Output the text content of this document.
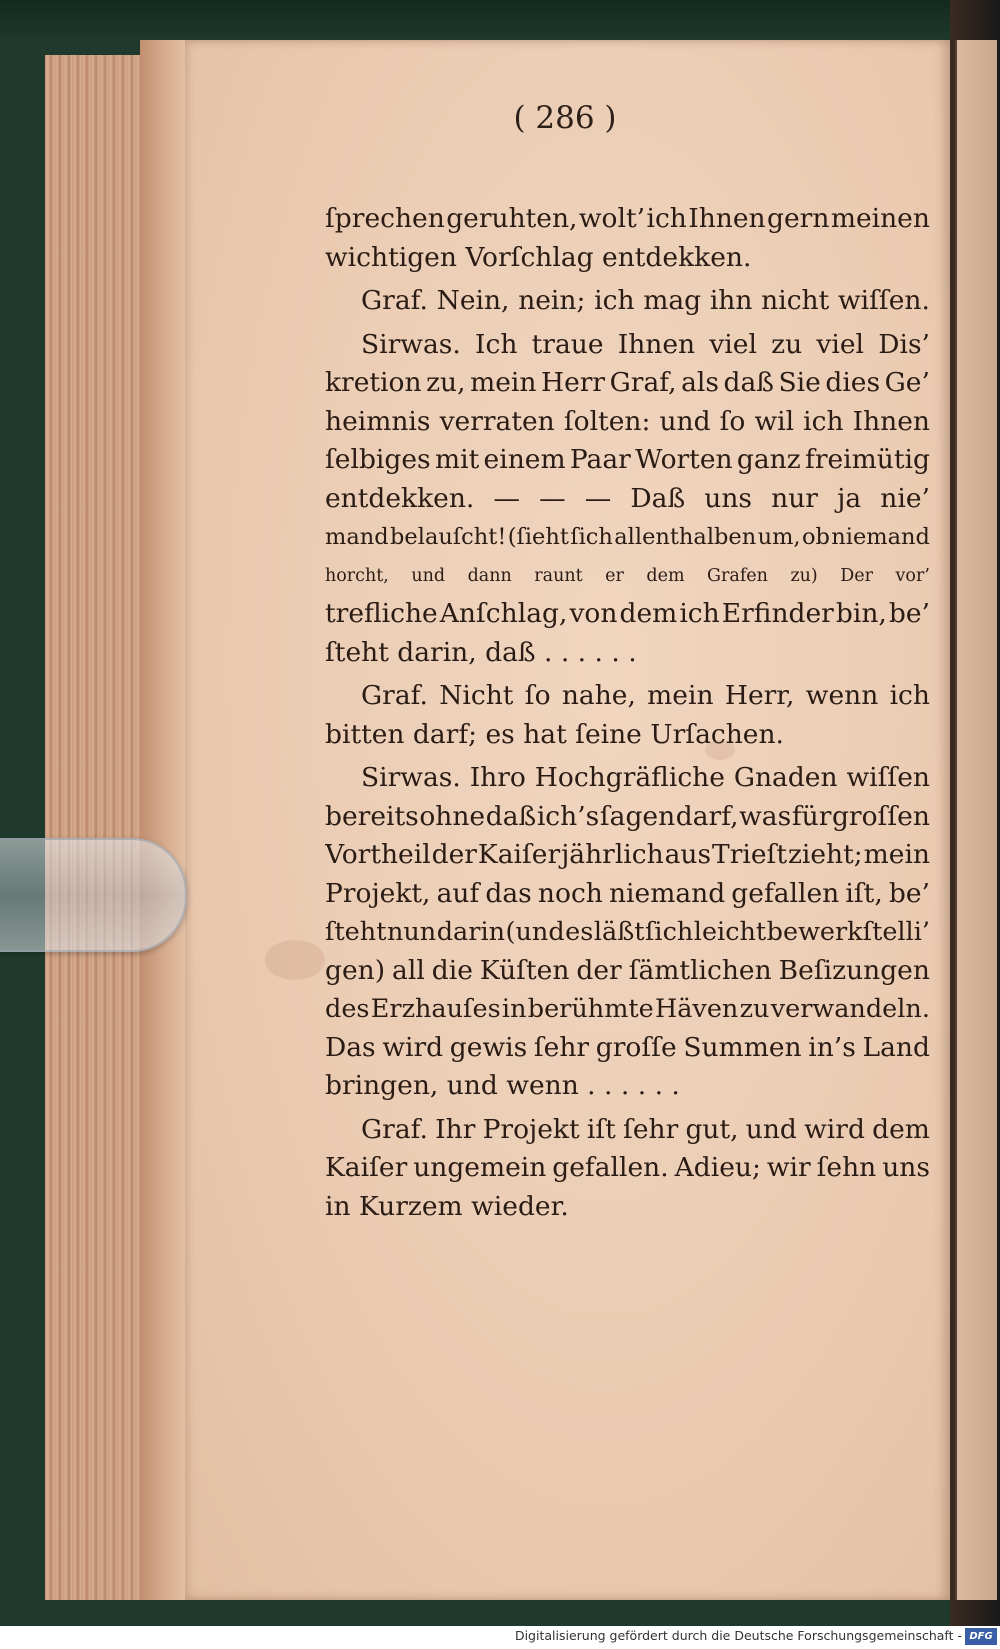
( 286 )
ſprechen geruhten, wolt’ ich Ihnen gern meinen
wichtigen Vorſchlag entdekken.
Graf. Nein, nein; ich mag ihn nicht wiſſen.
Sirwas. Ich traue Ihnen viel zu viel Dis’
kretion zu, mein Herr Graf, als daß Sie dies Ge’
heimnis verraten ſolten: und ſo wil ich Ihnen
ſelbiges mit einem Paar Worten ganz freimütig
entdekken. — — — Daß uns nur ja nie’
mand belauſcht! (ſieht ſich allenthalben um, ob niemand
horcht, und dann raunt er dem Grafen zu) Der vor’
trefliche Anſchlag, von dem ich Erfinder bin, be’
ſteht darin, daß . . . . . .
Graf. Nicht ſo nahe, mein Herr, wenn ich
bitten darf; es hat ſeine Urſachen.
Sirwas. Ihro Hochgräfliche Gnaden wiſſen
bereits ohne daß ich’s ſagen darf, was für groſſen
Vortheil der Kaiſer jährlich aus Trieſt zieht; mein
Projekt, auf das noch niemand gefallen iſt, be’
ſteht nun darin (und es läßt ſich leicht bewerkſtelli’
gen) all die Küſten der ſämtlichen Beſizungen
des Erzhauſes in berühmte Häven zu verwandeln.
Das wird gewis ſehr groſſe Summen in’s Land
bringen, und wenn . . . . . .
Graf. Ihr Projekt iſt ſehr gut, und wird dem
Kaiſer ungemein gefallen. Adieu; wir ſehn uns
in Kurzem wieder.
Digitalisierung gefördert durch die Deutsche Forschungsgemeinschaft - DFG
